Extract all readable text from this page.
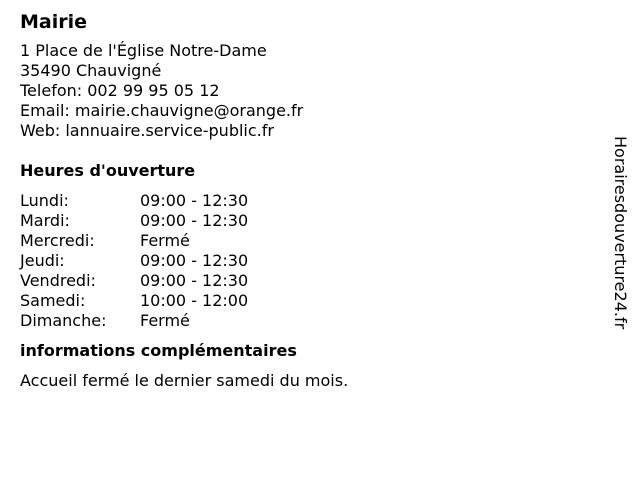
Mairie
1 Place de l'Église Notre-Dame
35490 Chauvigné
Telefon: 002 99 95 05 12
Email: mairie.chauvigne@orange.fr
Web: lannuaire.service-public.fr
Heures d'ouverture
Lundi:	09:00 - 12:30
Mardi:	09:00 - 12:30
Mercredi:	Fermé
Jeudi:	09:00 - 12:30
Vendredi:	09:00 - 12:30
Samedi:	10:00 - 12:00
Dimanche:	Fermé
informations complémentaires
Accueil fermé le dernier samedi du mois.
Horairesdouverture24.fr
